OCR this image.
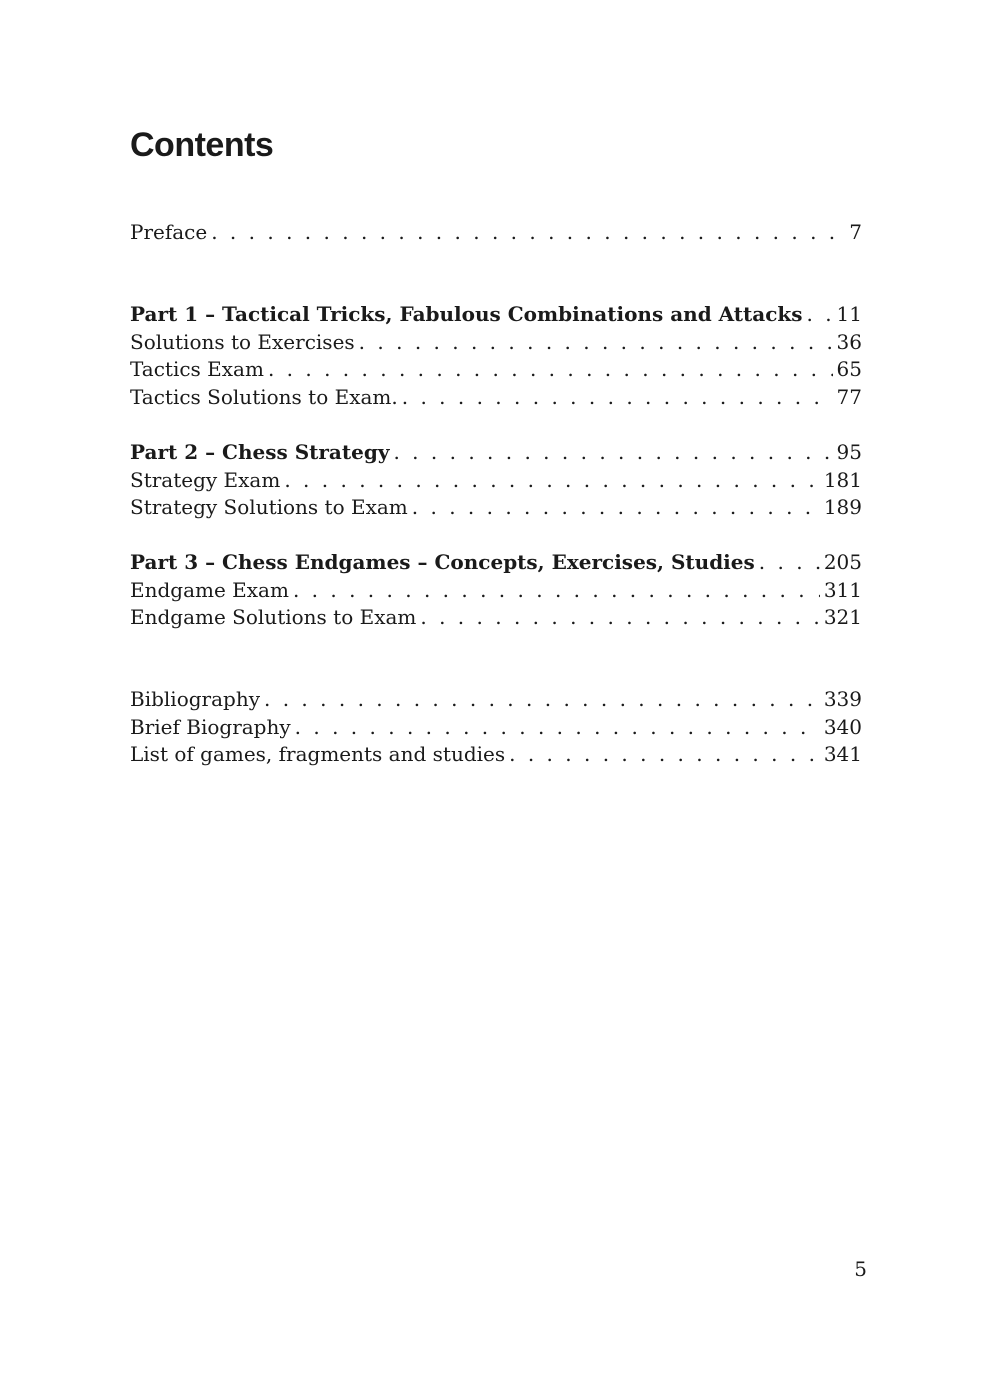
Contents
Preface . . .	7
Part 1 – Tactical Tricks, Fabulous Combinations and Attacks . . . 11
Solutions to Exercises . . .	36
Tactics Exam . . .	65
Tactics Solutions to Exam. . . .	77
Part 2 – Chess Strategy . . .	95
Strategy Exam . . .	181
Strategy Solutions to Exam . . .	189
Part 3 – Chess Endgames – Concepts, Exercises, Studies . . .	205
Endgame Exam . . .	311
Endgame Solutions to Exam . . .	321
Bibliography . . .	339
Brief Biography . . .	340
List of games, fragments and studies . . .	341
5
